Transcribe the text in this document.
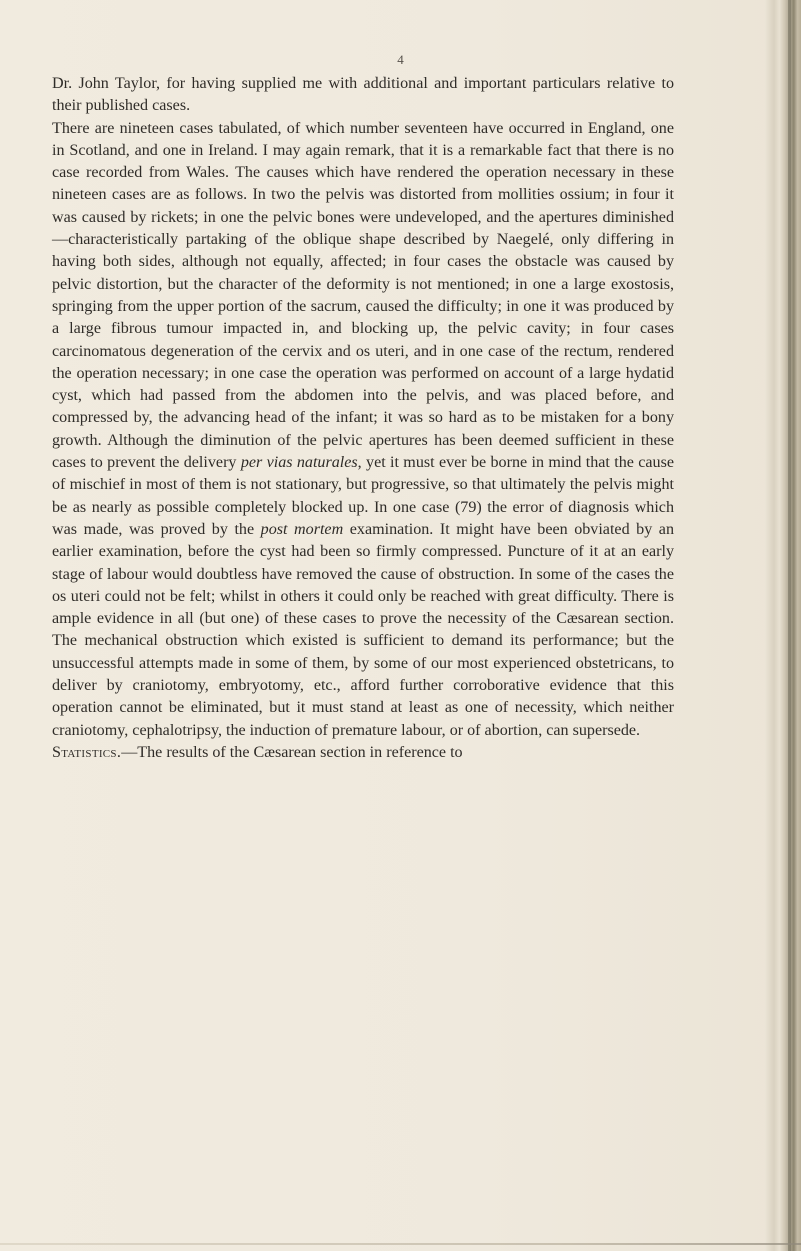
4

Dr. John Taylor, for having supplied me with additional and important particulars relative to their published cases.

There are nineteen cases tabulated, of which number seventeen have occurred in England, one in Scotland, and one in Ireland. I may again remark, that it is a remarkable fact that there is no case recorded from Wales. The causes which have rendered the operation necessary in these nineteen cases are as follows. In two the pelvis was distorted from mollities ossium; in four it was caused by rickets; in one the pelvic bones were undeveloped, and the apertures diminished—characteristically partaking of the oblique shape described by Naegelé, only differing in having both sides, although not equally, affected; in four cases the obstacle was caused by pelvic distortion, but the character of the deformity is not mentioned; in one a large exostosis, springing from the upper portion of the sacrum, caused the difficulty; in one it was produced by a large fibrous tumour impacted in, and blocking up, the pelvic cavity; in four cases carcinomatous degeneration of the cervix and os uteri, and in one case of the rectum, rendered the operation necessary; in one case the operation was performed on account of a large hydatid cyst, which had passed from the abdomen into the pelvis, and was placed before, and compressed by, the advancing head of the infant; it was so hard as to be mistaken for a bony growth. Although the diminution of the pelvic apertures has been deemed sufficient in these cases to prevent the delivery per vias naturales, yet it must ever be borne in mind that the cause of mischief in most of them is not stationary, but progressive, so that ultimately the pelvis might be as nearly as possible completely blocked up. In one case (79) the error of diagnosis which was made, was proved by the post mortem examination. It might have been obviated by an earlier examination, before the cyst had been so firmly compressed. Puncture of it at an early stage of labour would doubtless have removed the cause of obstruction. In some of the cases the os uteri could not be felt; whilst in others it could only be reached with great difficulty. There is ample evidence in all (but one) of these cases to prove the necessity of the Cæsarean section. The mechanical obstruction which existed is sufficient to demand its performance; but the unsuccessful attempts made in some of them, by some of our most experienced obstetricans, to deliver by craniotomy, embryotomy, etc., afford further corroborative evidence that this operation cannot be eliminated, but it must stand at least as one of necessity, which neither craniotomy, cephalotripsy, the induction of premature labour, or of abortion, can supersede.

Statistics.—The results of the Cæsarean section in reference to
